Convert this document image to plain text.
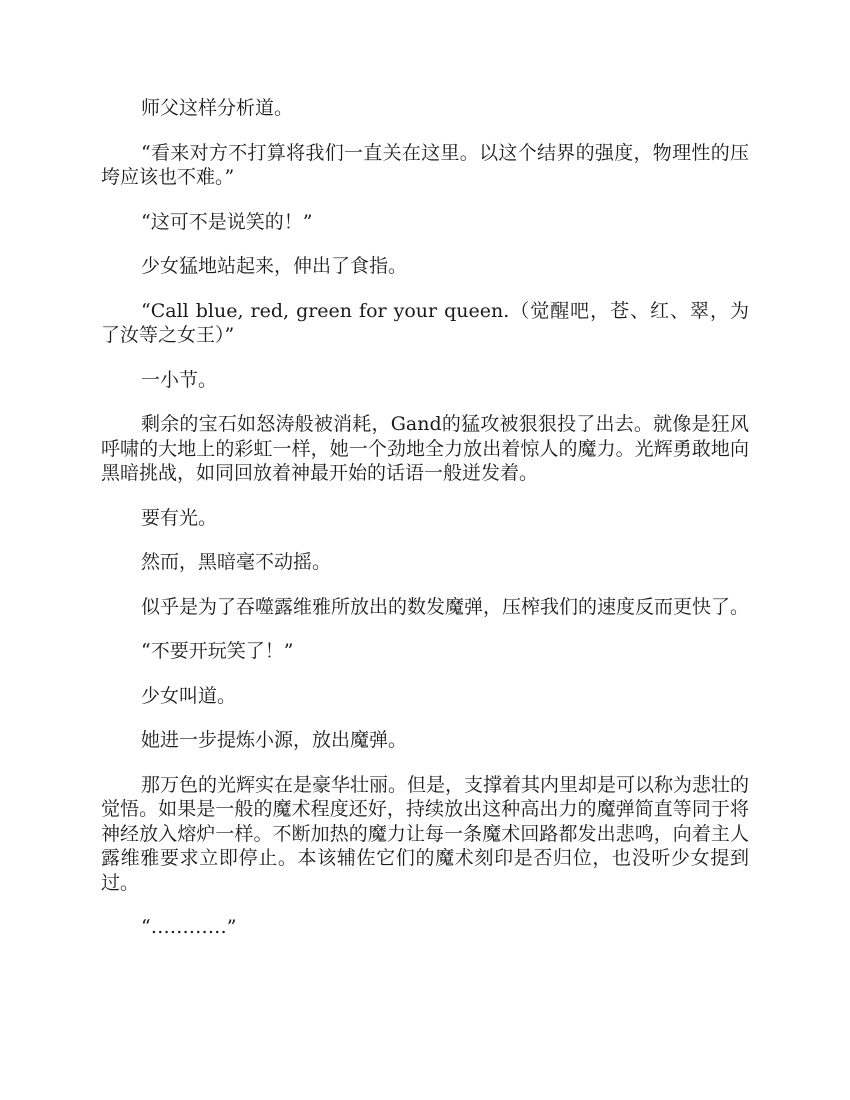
师父这样分析道。

“看来对方不打算将我们一直关在这里。以这个结界的强度，物理性的压垮应该也不难。”

“这可不是说笑的！”

少女猛地站起来，伸出了食指。

“Call blue, red, green for your queen.（觉醒吧，苍、红、翠，为了汝等之女王）”

一小节。

剩余的宝石如怒涛般被消耗，Gand的猛攻被狠狠投了出去。就像是狂风呼啸的大地上的彩虹一样，她一个劲地全力放出着惊人的魔力。光辉勇敢地向黑暗挑战，如同回放着神最开始的话语一般迸发着。

要有光。

然而，黑暗毫不动摇。

似乎是为了吞噬露维雅所放出的数发魔弹，压榨我们的速度反而更快了。

“不要开玩笑了！”

少女叫道。

她进一步提炼小源，放出魔弹。

那万色的光辉实在是豪华壮丽。但是，支撑着其内里却是可以称为悲壮的觉悟。如果是一般的魔术程度还好，持续放出这种高出力的魔弹简直等同于将神经放入熔炉一样。不断加热的魔力让每一条魔术回路都发出悲鸣，向着主人露维雅要求立即停止。本该辅佐它们的魔术刻印是否归位，也没听少女提到过。

“…………”
